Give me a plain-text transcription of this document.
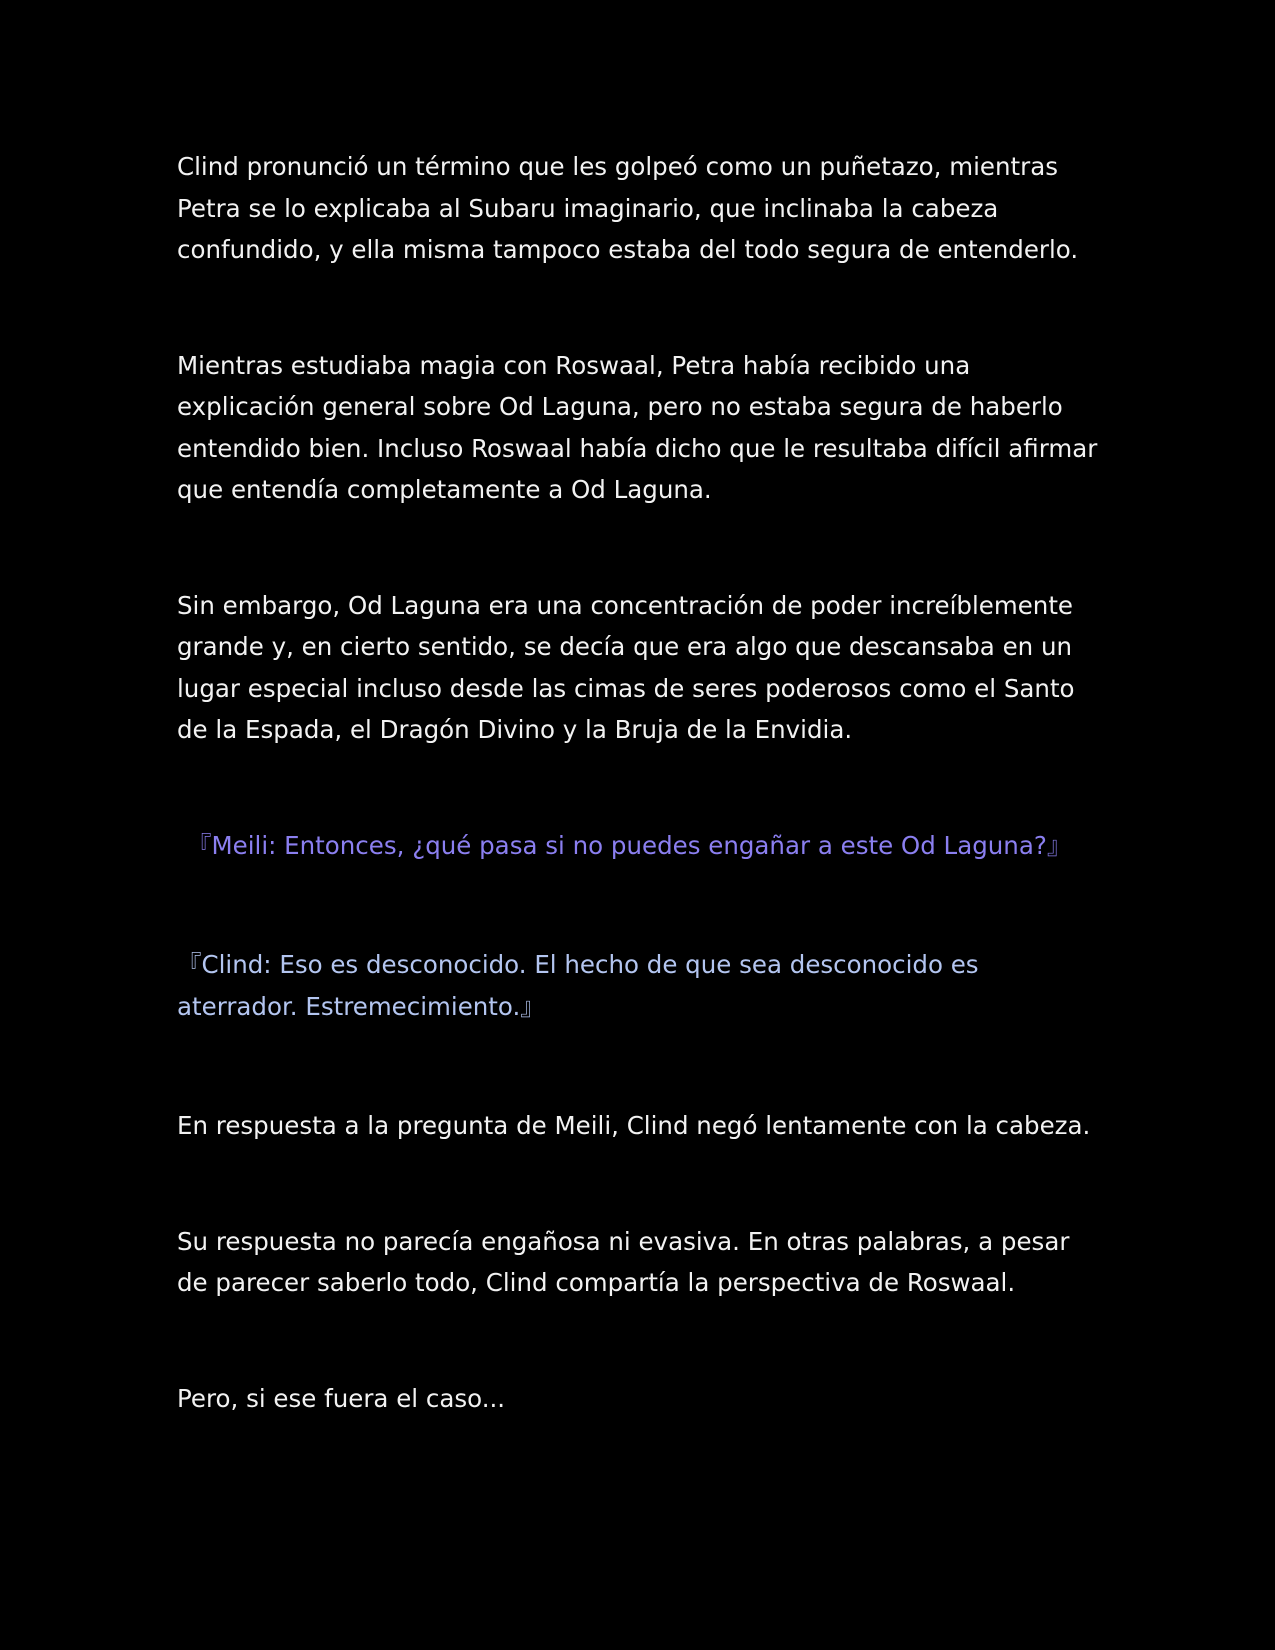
Clind pronunció un término que les golpeó como un puñetazo, mientras Petra se lo explicaba al Subaru imaginario, que inclinaba la cabeza confundido, y ella misma tampoco estaba del todo segura de entenderlo.

Mientras estudiaba magia con Roswaal, Petra había recibido una explicación general sobre Od Laguna, pero no estaba segura de haberlo entendido bien. Incluso Roswaal había dicho que le resultaba difícil afirmar que entendía completamente a Od Laguna.

Sin embargo, Od Laguna era una concentración de poder increíblemente grande y, en cierto sentido, se decía que era algo que descansaba en un lugar especial incluso desde las cimas de seres poderosos como el Santo de la Espada, el Dragón Divino y la Bruja de la Envidia.

『Meili: Entonces, ¿qué pasa si no puedes engañar a este Od Laguna?』

『Clind: Eso es desconocido. El hecho de que sea desconocido es aterrador. Estremecimiento.』

En respuesta a la pregunta de Meili, Clind negó lentamente con la cabeza.

Su respuesta no parecía engañosa ni evasiva. En otras palabras, a pesar de parecer saberlo todo, Clind compartía la perspectiva de Roswaal.

Pero, si ese fuera el caso...
